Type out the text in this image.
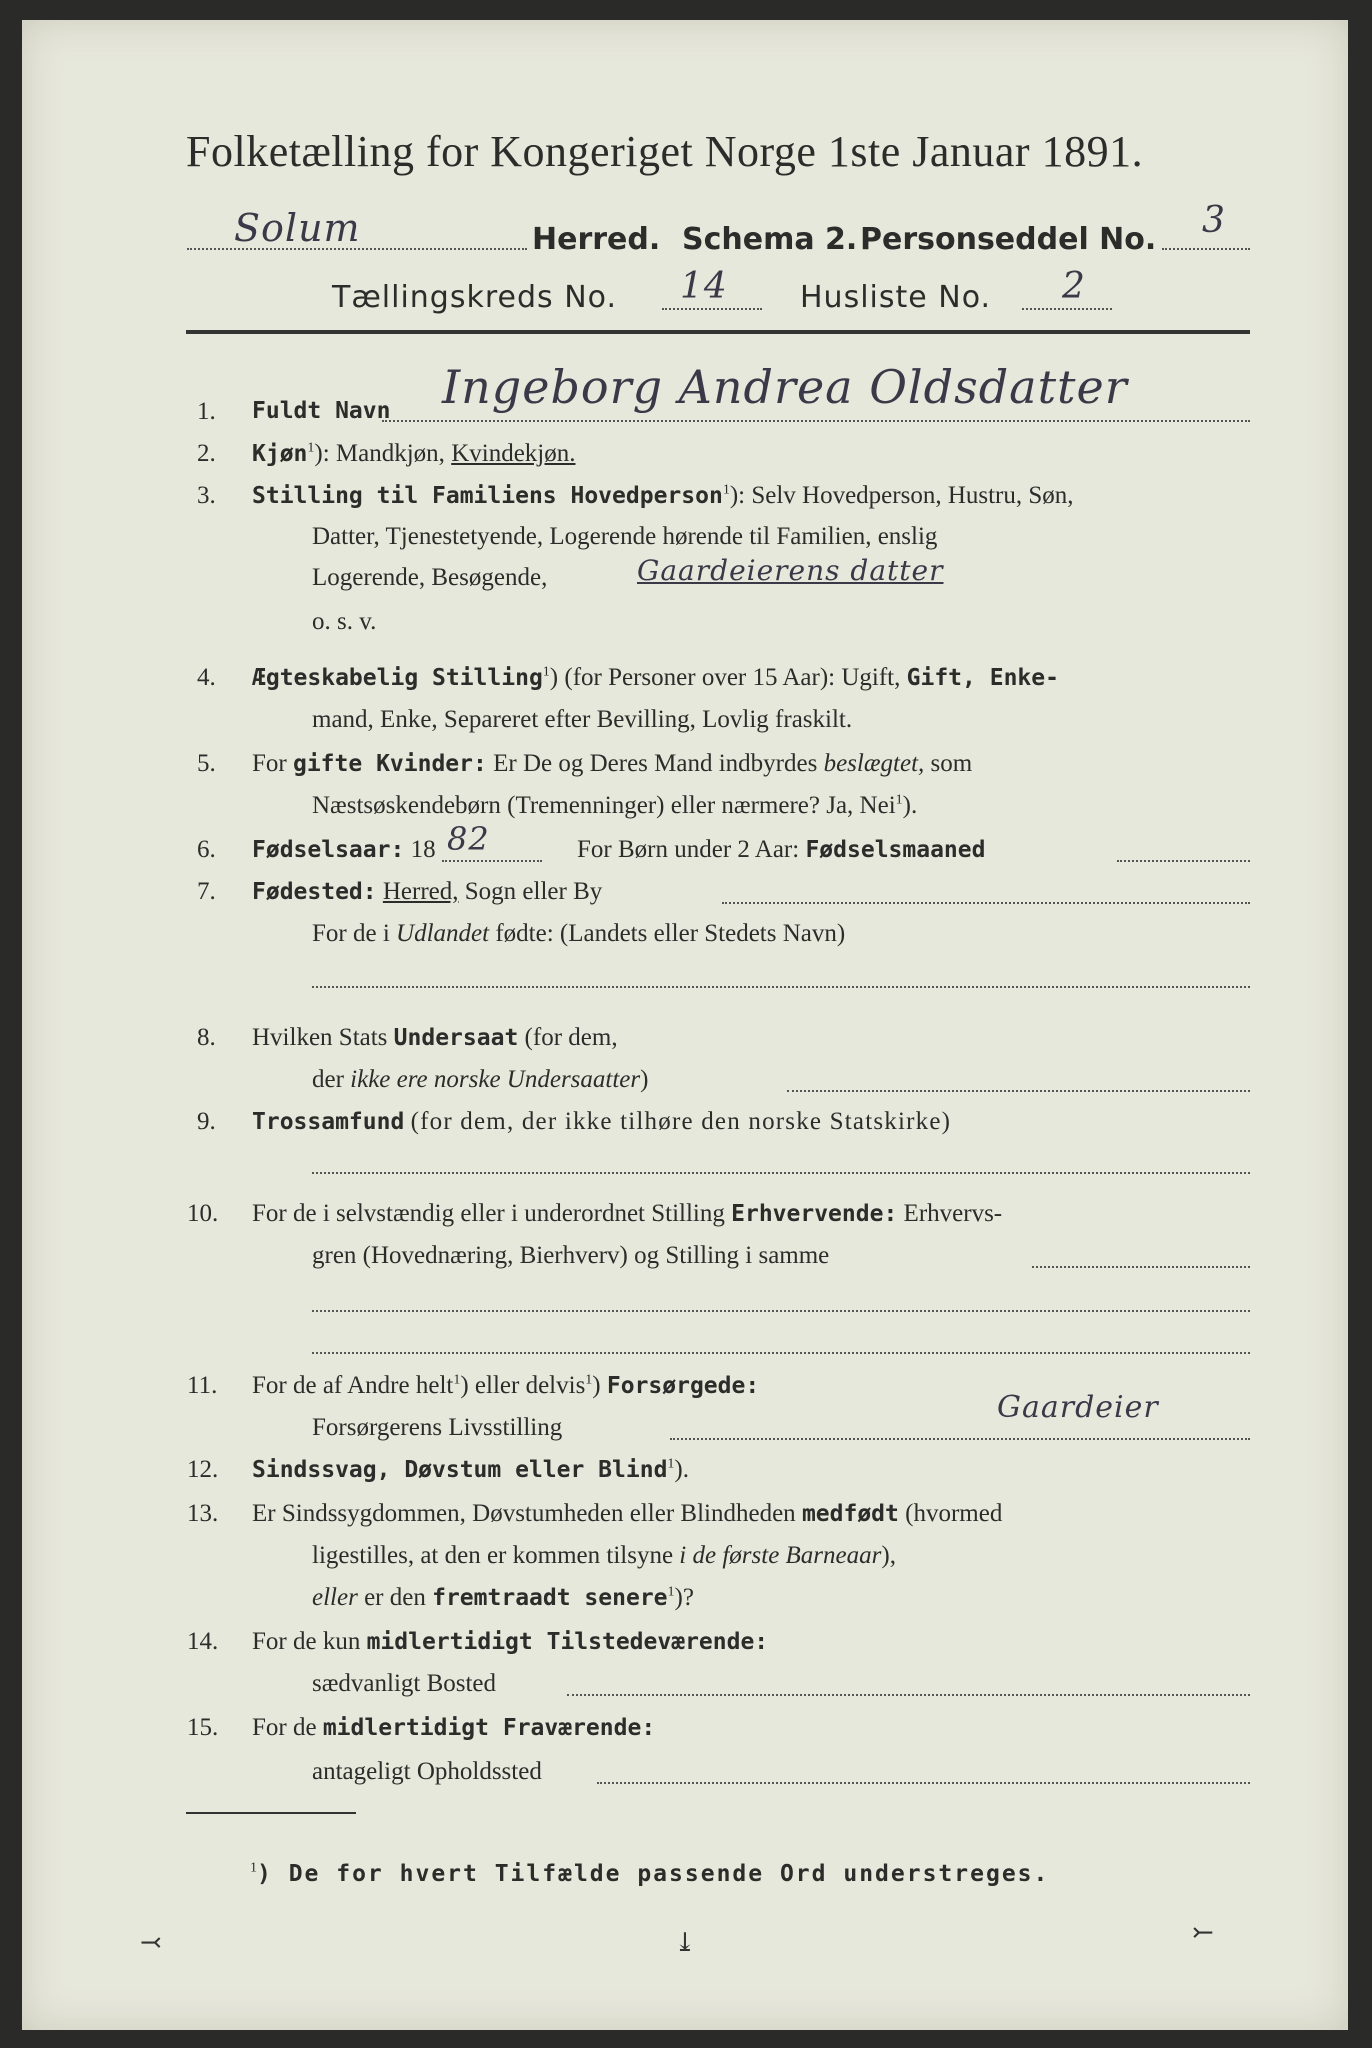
Folketælling for Kongeriget Norge 1ste Januar 1891.
Solum	Herred. Schema 2. Personseddel No. 3
Tællingskreds No. 14 Husliste No. 2
1. Fuldt Navn Ingeborg Andrea Oldsdatter
2. Kjøn$^1$): Mandkjøn, Kvindekjøn.
3. Stilling til Familiens Hovedperson$^1$): Selv Hovedperson, Hustru, Søn,
Datter, Tjenestetyende, Logerende hørende til Familien, enslig
Logerende, Besøgende,	Gaardeierens datter
o. s. v.
4. Ægteskabelig Stilling$^1$) (for Personer over 15 Aar): Ugift, Gift, Enke-
mand, Enke, Separeret efter Bevilling, Lovlig fraskilt.
5. For gifte Kvinder: Er De og Deres Mand indbyrdes beslægtet, som
Næstsøskendebørn (Tremenninger) eller nærmere? Ja, Nei$^1$).
6. Fødselsaar: 18 82	For Børn under 2 Aar: Fødselsmaaned
7. Fødested: Herred, Sogn eller By
For de i Udlandet fødte: (Landets eller Stedets Navn)
8. Hvilken Stats Undersaat (for dem,
der ikke ere norske Undersaatter)
9. Trossamfund (for dem, der ikke tilhøre den norske Statskirke)
10. For de i selvstændig eller i underordnet Stilling Erhvervende: Erhvervs-
gren (Hovednæring, Bierhverv) og Stilling i samme
11. For de af Andre helt$^1$) eller delvis$^1$) Forsørgede:
Forsørgerens Livsstilling
Gaardeier
12. Sindssvag, Døvstum eller Blind$^1$).
13. Er Sindssygdommen, Døvstumheden eller Blindheden medfødt (hvormed
ligestilles, at den er kommen tilsyne i de første Barneaar),
eller er den fremtraadt senere$^1$)?
14. For de kun midlertidigt Tilstedeværende:
sædvanligt Bosted
15. For de midlertidigt Fraværende:
antageligt Opholdssted
$^1$) De for hvert Tilfælde passende Ord understreges.
⤙	⤓	⤚
